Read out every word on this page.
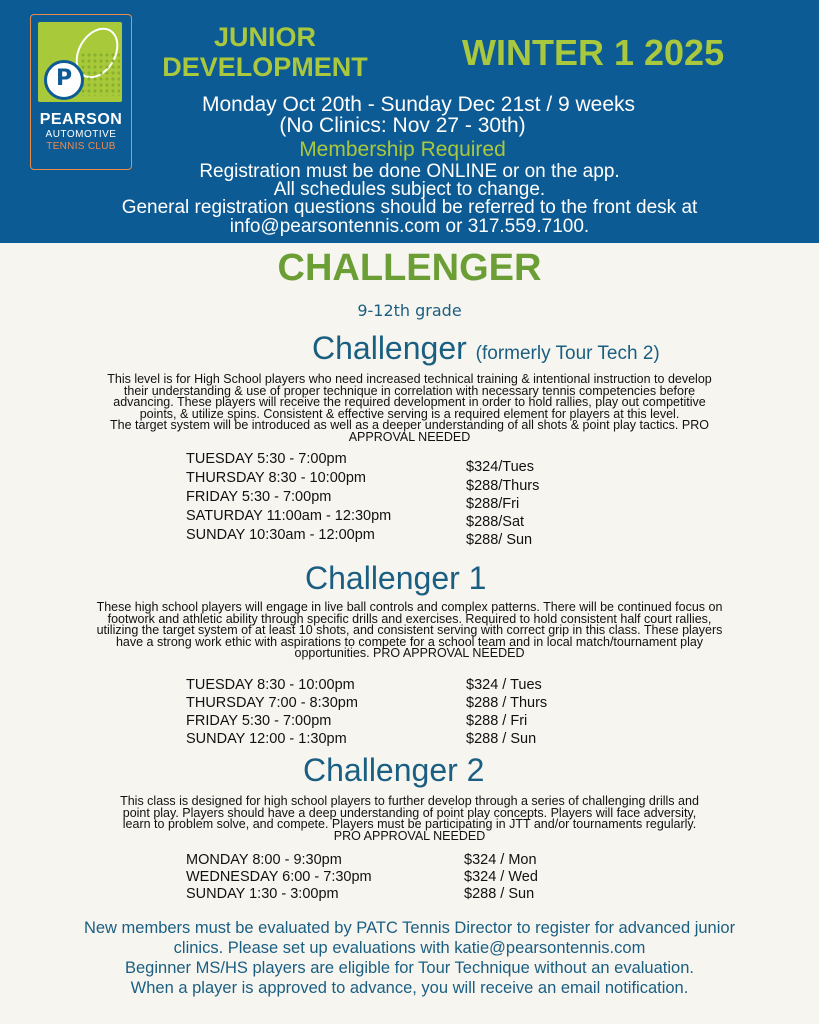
P
PEARSON
AUTOMOTIVE
TENNIS CLUB
JUNIOR
DEVELOPMENT	WINTER 1 2025
Monday Oct 20th - Sunday Dec 21st / 9 weeks
(No Clinics: Nov 27 - 30th)
Membership Required
Registration must be done ONLINE or on the app.
All schedules subject to change.
General registration questions should be referred to the front desk at
info@pearsontennis.com or 317.559.7100.
CHALLENGER
9-12th grade
Challenger (formerly Tour Tech 2)
This level is for High School players who need increased technical training & intentional instruction to develop
their understanding & use of proper technique in correlation with necessary tennis competencies before
advancing. These players will receive the required development in order to hold rallies, play out competitive
points, & utilize spins. Consistent & effective serving is a required element for players at this level.
The target system will be introduced as well as a deeper understanding of all shots & point play tactics. PRO
APPROVAL NEEDED
TUESDAY 5:30 - 7:00pm
THURSDAY 8:30 - 10:00pm
FRIDAY 5:30 - 7:00pm
SATURDAY 11:00am - 12:30pm
SUNDAY 10:30am - 12:00pm
$324/Tues
$288/Thurs
$288/Fri
$288/Sat
$288/ Sun
Challenger 1
These high school players will engage in live ball controls and complex patterns. There will be continued focus on
footwork and athletic ability through specific drills and exercises. Required to hold consistent half court rallies,
utilizing the target system of at least 10 shots, and consistent serving with correct grip in this class. These players
have a strong work ethic with aspirations to compete for a school team and in local match/tournament play
opportunities. PRO APPROVAL NEEDED
TUESDAY 8:30 - 10:00pm
THURSDAY 7:00 - 8:30pm
FRIDAY 5:30 - 7:00pm
SUNDAY 12:00 - 1:30pm
$324 / Tues
$288 / Thurs
$288 / Fri
$288 / Sun
Challenger 2
This class is designed for high school players to further develop through a series of challenging drills and
point play. Players should have a deep understanding of point play concepts. Players will face adversity,
learn to problem solve, and compete. Players must be participating in JTT and/or tournaments regularly.
PRO APPROVAL NEEDED
MONDAY 8:00 - 9:30pm
WEDNESDAY 6:00 - 7:30pm
SUNDAY 1:30 - 3:00pm
$324 / Mon
$324 / Wed
$288 / Sun
New members must be evaluated by PATC Tennis Director to register for advanced junior
clinics. Please set up evaluations with katie@pearsontennis.com
Beginner MS/HS players are eligible for Tour Technique without an evaluation.
When a player is approved to advance, you will receive an email notification.
